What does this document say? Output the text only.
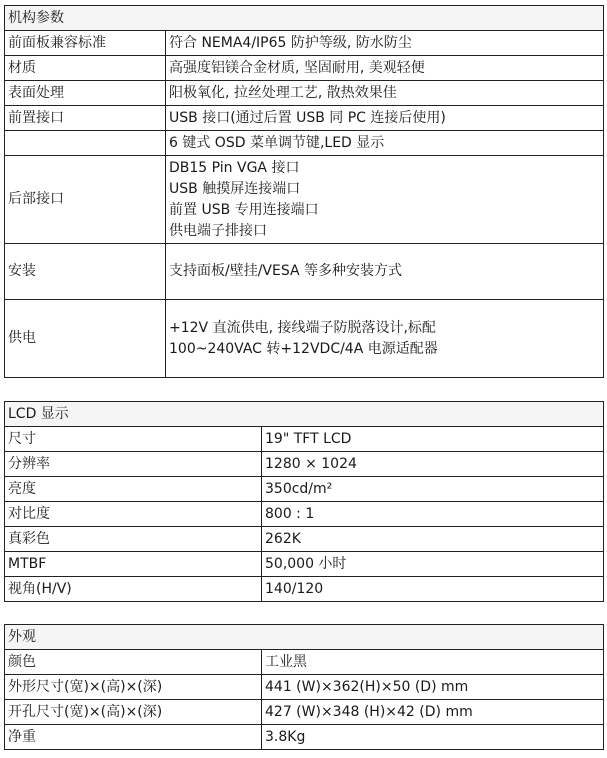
机构参数	
前面板兼容标准	符合 NEMA4/IP65 防护等级, 防水防尘

材质	高强度铝镁合金材质, 坚固耐用, 美观轻便

表面处理	阳极氧化, 拉丝处理工艺, 散热效果佳

前置接口	USB 接口(通过后置 USB 同 PC 连接后使用)

	6 键式 OSD 菜单调节键,LED 显示

后部接口	DB15 Pin VGA 接口
USB 触摸屏连接端口
前置 USB 专用连接端口
供电端子排接口

安装	支持面板/壁挂/VESA 等多种安装方式

供电	+12V 直流供电, 接线端子防脱落设计,标配
100~240VAC 转+12VDC/4A 电源适配器
LCD 显示	
尺寸	19" TFT LCD
分辨率	1280 × 1024
亮度	350cd/m²
对比度	800 : 1
真彩色	262K
MTBF	50,000 小时
视角(H/V)	140/120
外观	
颜色	工业黑
外形尺寸(宽)×(高)×(深)	441 (W)×362(H)×50 (D) mm
开孔尺寸(宽)×(高)×(深)	427 (W)×348 (H)×42 (D) mm
净重	3.8Kg
